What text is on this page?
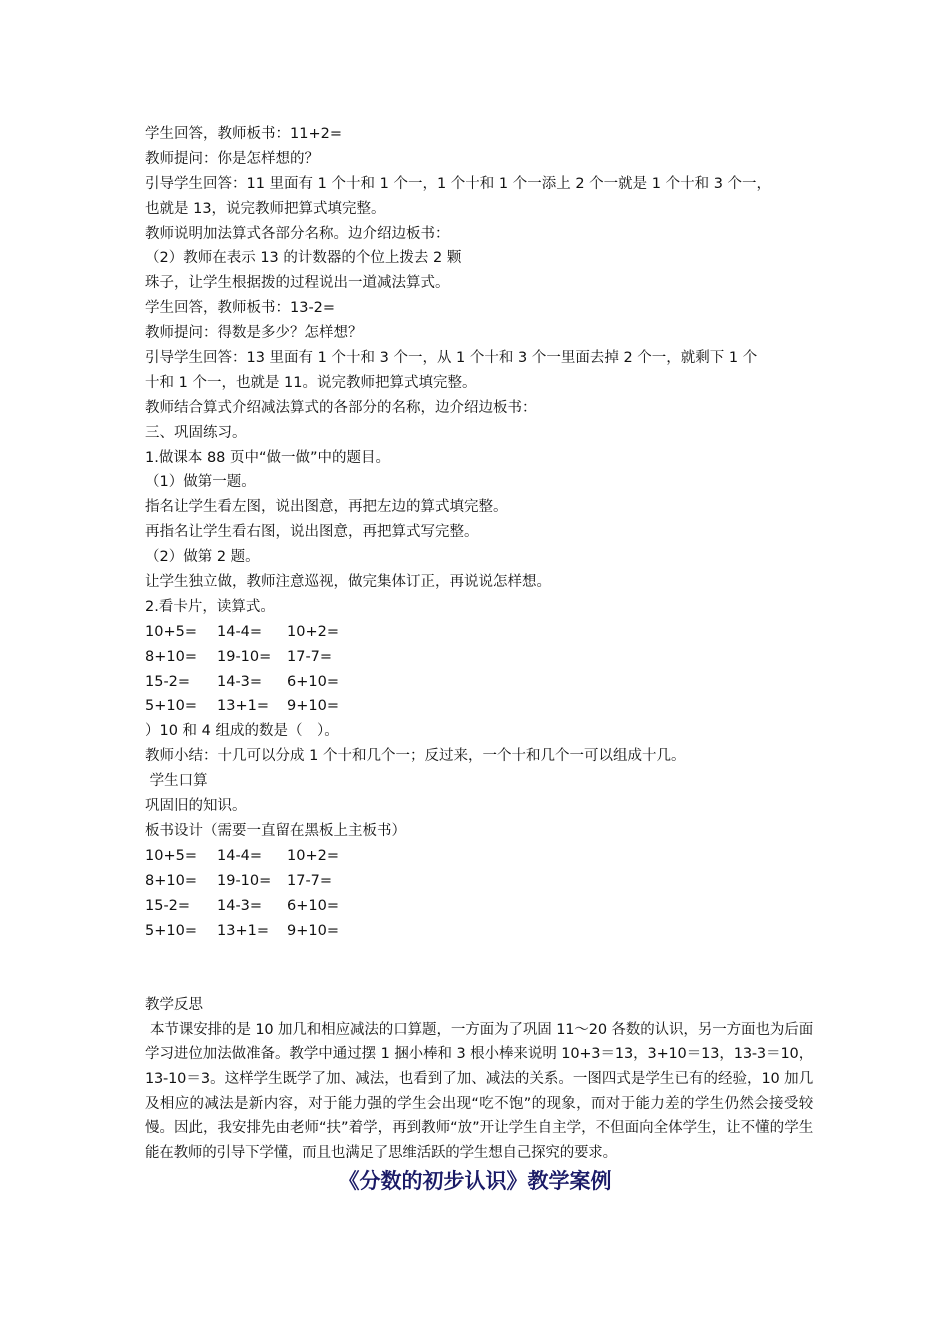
学生回答，教师板书：11+2=
教师提问：你是怎样想的？
引导学生回答：11 里面有 1 个十和 1 个一，1 个十和 1 个一添上 2 个一就是 1 个十和 3 个一，
也就是 13，说完教师把算式填完整。
教师说明加法算式各部分名称。边介绍边板书：
（2）教师在表示 13 的计数器的个位上拨去 2 颗
珠子，让学生根据拨的过程说出一道减法算式。
学生回答，教师板书：13-2=
教师提问：得数是多少？怎样想？
引导学生回答：13 里面有 1 个十和 3 个一，从 1 个十和 3 个一里面去掉 2 个一，就剩下 1 个
十和 1 个一，也就是 11。说完教师把算式填完整。
教师结合算式介绍减法算式的各部分的名称，边介绍边板书：
三、巩固练习。
1.做课本 88 页中“做一做”中的题目。
（1）做第一题。
指名让学生看左图，说出图意，再把左边的算式填完整。
再指名让学生看右图，说出图意，再把算式写完整。
（2）做第 2 题。
让学生独立做，教师注意巡视，做完集体订正，再说说怎样想。
2.看卡片，读算式。
10+5= 14-4= 10+2=
8+10= 19-10= 17-7=
15-2= 14-3= 6+10=
5+10= 13+1= 9+10=
）10 和 4 组成的数是（　）。
教师小结：十几可以分成 1 个十和几个一；反过来，一个十和几个一可以组成十几。
学生口算
巩固旧的知识。
板书设计（需要一直留在黑板上主板书）
10+5= 14-4= 10+2=
8+10= 19-10= 17-7=
15-2= 14-3= 6+10=
5+10= 13+1= 9+10=
教学反思
本节课安排的是 10 加几和相应减法的口算题，一方面为了巩固 11～20 各数的认识，另一方面也为后面学习进位加法做准备。教学中通过摆 1 捆小棒和 3 根小棒来说明 10+3＝13，3+10＝13，13-3＝10，13-10＝3。这样学生既学了加、减法，也看到了加、减法的关系。一图四式是学生已有的经验，10 加几及相应的减法是新内容，对于能力强的学生会出现“吃不饱”的现象，而对于能力差的学生仍然会接受较慢。因此，我安排先由老师“扶”着学，再到教师“放”开让学生自主学，不但面向全体学生，让不懂的学生能在教师的引导下学懂，而且也满足了思维活跃的学生想自己探究的要求。
《分数的初步认识》教学案例
